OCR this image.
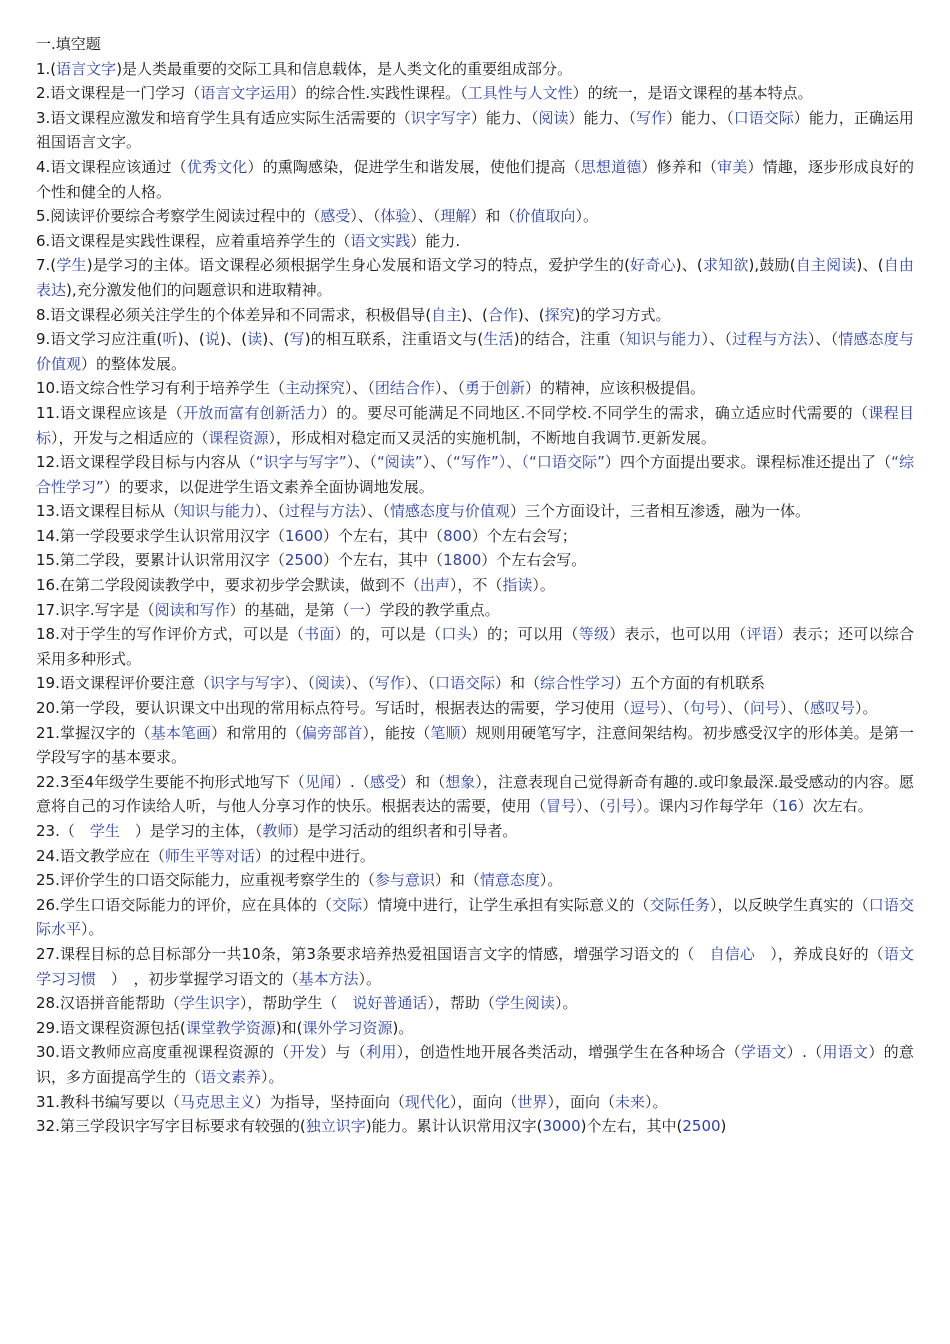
一.填空题

1.(语言文字)是人类最重要的交际工具和信息载体，是人类文化的重要组成部分。

2.语文课程是一门学习（语言文字运用）的综合性.实践性课程。（工具性与人文性）的统一，是语文课程的基本特点。

3.语文课程应激发和培育学生具有适应实际生活需要的（识字写字）能力、（阅读）能力、（写作）能力、（口语交际）能力，正确运用祖国语言文字。

4.语文课程应该通过（优秀文化）的熏陶感染，促进学生和谐发展，使他们提高（思想道德）修养和（审美）情趣，逐步形成良好的个性和健全的人格。

5.阅读评价要综合考察学生阅读过程中的（感受）、（体验）、（理解）和（价值取向）。

6.语文课程是实践性课程，应着重培养学生的（语文实践）能力.

7.(学生)是学习的主体。语文课程必须根据学生身心发展和语文学习的特点，爱护学生的(好奇心)、(求知欲),鼓励(自主阅读)、(自由表达),充分激发他们的问题意识和进取精神。

8.语文课程必须关注学生的个体差异和不同需求，积极倡导(自主)、(合作)、(探究)的学习方式。

9.语文学习应注重(听)、(说)、(读)、(写)的相互联系，注重语文与(生活)的结合，注重（知识与能力）、（过程与方法）、（情感态度与价值观）的整体发展。

10.语文综合性学习有利于培养学生（主动探究）、（团结合作）、（勇于创新）的精神，应该积极提倡。

11.语文课程应该是（开放而富有创新活力）的。要尽可能满足不同地区.不同学校.不同学生的需求，确立适应时代需要的（课程目标），开发与之相适应的（课程资源），形成相对稳定而又灵活的实施机制，不断地自我调节.更新发展。

12.语文课程学段目标与内容从（“识字与写字”）、（“阅读”）、（“写作”）、（“口语交际”）四个方面提出要求。课程标准还提出了（“综合性学习”）的要求，以促进学生语文素养全面协调地发展。

13.语文课程目标从（知识与能力）、（过程与方法）、（情感态度与价值观）三个方面设计，三者相互渗透，融为一体。

14.第一学段要求学生认识常用汉字（1600）个左右，其中（800）个左右会写；

15.第二学段，要累计认识常用汉字（2500）个左右，其中（1800）个左右会写。

16.在第二学段阅读教学中，要求初步学会默读，做到不（出声），不（指读）。

17.识字.写字是（阅读和写作）的基础，是第（一）学段的教学重点。

18.对于学生的写作评价方式，可以是（书面）的，可以是（口头）的；可以用（等级）表示，也可以用（评语）表示；还可以综合采用多种形式。

19.语文课程评价要注意（识字与写字）、（阅读）、（写作）、（口语交际）和（综合性学习）五个方面的有机联系

20.第一学段，要认识课文中出现的常用标点符号。写话时，根据表达的需要，学习使用（逗号）、（句号）、（问号）、（感叹号）。

21.掌握汉字的（基本笔画）和常用的（偏旁部首），能按（笔顺）规则用硬笔写字，注意间架结构。初步感受汉字的形体美。是第一学段写字的基本要求。

22.3至4年级学生要能不拘形式地写下（见闻）.（感受）和（想象），注意表现自己觉得新奇有趣的.或印象最深.最受感动的内容。愿意将自己的习作读给人听，与他人分享习作的快乐。根据表达的需要，使用（冒号）、（引号）。课内习作每学年（16）次左右。

23.（　学生　）是学习的主体，（教师）是学习活动的组织者和引导者。

24.语文教学应在（师生平等对话）的过程中进行。

25.评价学生的口语交际能力，应重视考察学生的（参与意识）和（情意态度）。

26.学生口语交际能力的评价，应在具体的（交际）情境中进行，让学生承担有实际意义的（交际任务），以反映学生真实的（口语交际水平）。

27.课程目标的总目标部分一共10条，第3条要求培养热爱祖国语言文字的情感，增强学习语文的（　自信心　），养成良好的（语文学习习惯　）　，初步掌握学习语文的（基本方法）。

28.汉语拼音能帮助（学生识字），帮助学生（　说好普通话），帮助（学生阅读）。

29.语文课程资源包括(课堂教学资源)和(课外学习资源)。

30.语文教师应高度重视课程资源的（开发）与（利用），创造性地开展各类活动，增强学生在各种场合（学语文）.（用语文）的意识，多方面提高学生的（语文素养）。

31.教科书编写要以（马克思主义）为指导，坚持面向（现代化），面向（世界），面向（未来）。

32.第三学段识字写字目标要求有较强的(独立识字)能力。累计认识常用汉字(3000)个左右，其中(2500)
